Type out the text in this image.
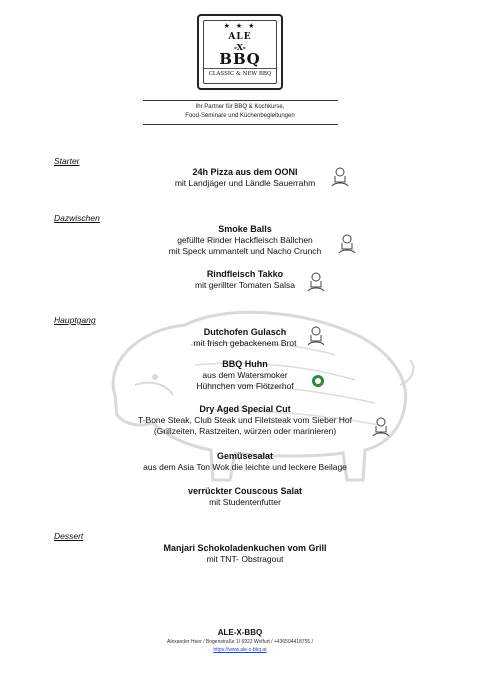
★ ★ ★
ALE
-X-
BBQ
CLASSIC & NEW BBQ
Ihr Partner für BBQ & Kochkurse,
Food-Seminare und Küchenbegleitungen
Starter
24h Pizza aus dem OONI
mit Landjäger und Ländle Sauerrahm
Dazwischen
Smoke Balls
gefüllte Rinder Hackfleisch Bällchen
mit Speck ummantelt und Nacho Crunch
Rindfleisch Takko
mit gerillter Tomaten Salsa
Hauptgang
Dutchofen Gulasch
mit frisch gebackenem Brot
BBQ Huhn
aus dem Watersmoker
Hühnchen vom Flötzerhof
Dry Aged Special Cut
T-Bone Steak, Club Steak und Filetsteak vom Sieber Hof
(Grillzeiten, Rastzeiten, würzen oder marinieren)
Gemüsesalat
aus dem Asia Ton Wok die leichte und leckere Beilage
verrückter Couscous Salat
mit Studentenfutter
Dessert
Manjari Schokoladenkuchen vom Grill
mit TNT- Obstragout
ALE-X-BBQ
Alexander Heer / Bogenstraße 1/ 6922 Wolfurt / +436504418755 /
https://www.ale-x-bbq.at
